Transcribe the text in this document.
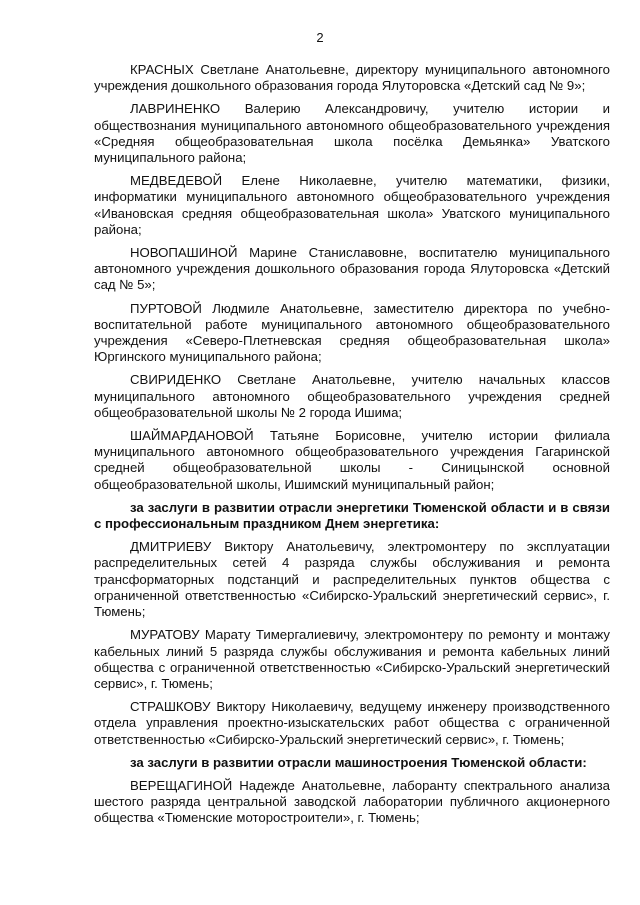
2

КРАСНЫХ Светлане Анатольевне, директору муниципального автономного учреждения дошкольного образования города Ялуторовска «Детский сад № 9»;

ЛАВРИНЕНКО Валерию Александровичу, учителю истории и обществознания муниципального автономного общеобразовательного учреждения «Средняя общеобразовательная школа посёлка Демьянка» Уватского муниципального района;

МЕДВЕДЕВОЙ Елене Николаевне, учителю математики, физики, информатики муниципального автономного общеобразовательного учреждения «Ивановская средняя общеобразовательная школа» Уватского муниципального района;

НОВОПАШИНОЙ Марине Станиславовне, воспитателю муниципального автономного учреждения дошкольного образования города Ялуторовска «Детский сад № 5»;

ПУРТОВОЙ Людмиле Анатольевне, заместителю директора по учебно-воспитательной работе муниципального автономного общеобразовательного учреждения «Северо-Плетневская средняя общеобразовательная школа» Юргинского муниципального района;

СВИРИДЕНКО Светлане Анатольевне, учителю начальных классов муниципального автономного общеобразовательного учреждения средней общеобразовательной школы № 2 города Ишима;

ШАЙМАРДАНОВОЙ Татьяне Борисовне, учителю истории филиала муниципального автономного общеобразовательного учреждения Гагаринской средней общеобразовательной школы - Синицынской основной общеобразовательной школы, Ишимский муниципальный район;

за заслуги в развитии отрасли энергетики Тюменской области и в связи с профессиональным праздником Днем энергетика:

ДМИТРИЕВУ Виктору Анатольевичу, электромонтеру по эксплуатации распределительных сетей 4 разряда службы обслуживания и ремонта трансформаторных подстанций и распределительных пунктов общества с ограниченной ответственностью «Сибирско-Уральский энергетический сервис», г. Тюмень;

МУРАТОВУ Марату Тимергалиевичу, электромонтеру по ремонту и монтажу кабельных линий 5 разряда службы обслуживания и ремонта кабельных линий общества с ограниченной ответственностью «Сибирско-Уральский энергетический сервис», г. Тюмень;

СТРАШКОВУ Виктору Николаевичу, ведущему инженеру производственного отдела управления проектно-изыскательских работ общества с ограниченной ответственностью «Сибирско-Уральский энергетический сервис», г. Тюмень;

за заслуги в развитии отрасли машиностроения Тюменской области:

ВЕРЕЩАГИНОЙ Надежде Анатольевне, лаборанту спектрального анализа шестого разряда центральной заводской лаборатории публичного акционерного общества «Тюменские моторостроители», г. Тюмень;
